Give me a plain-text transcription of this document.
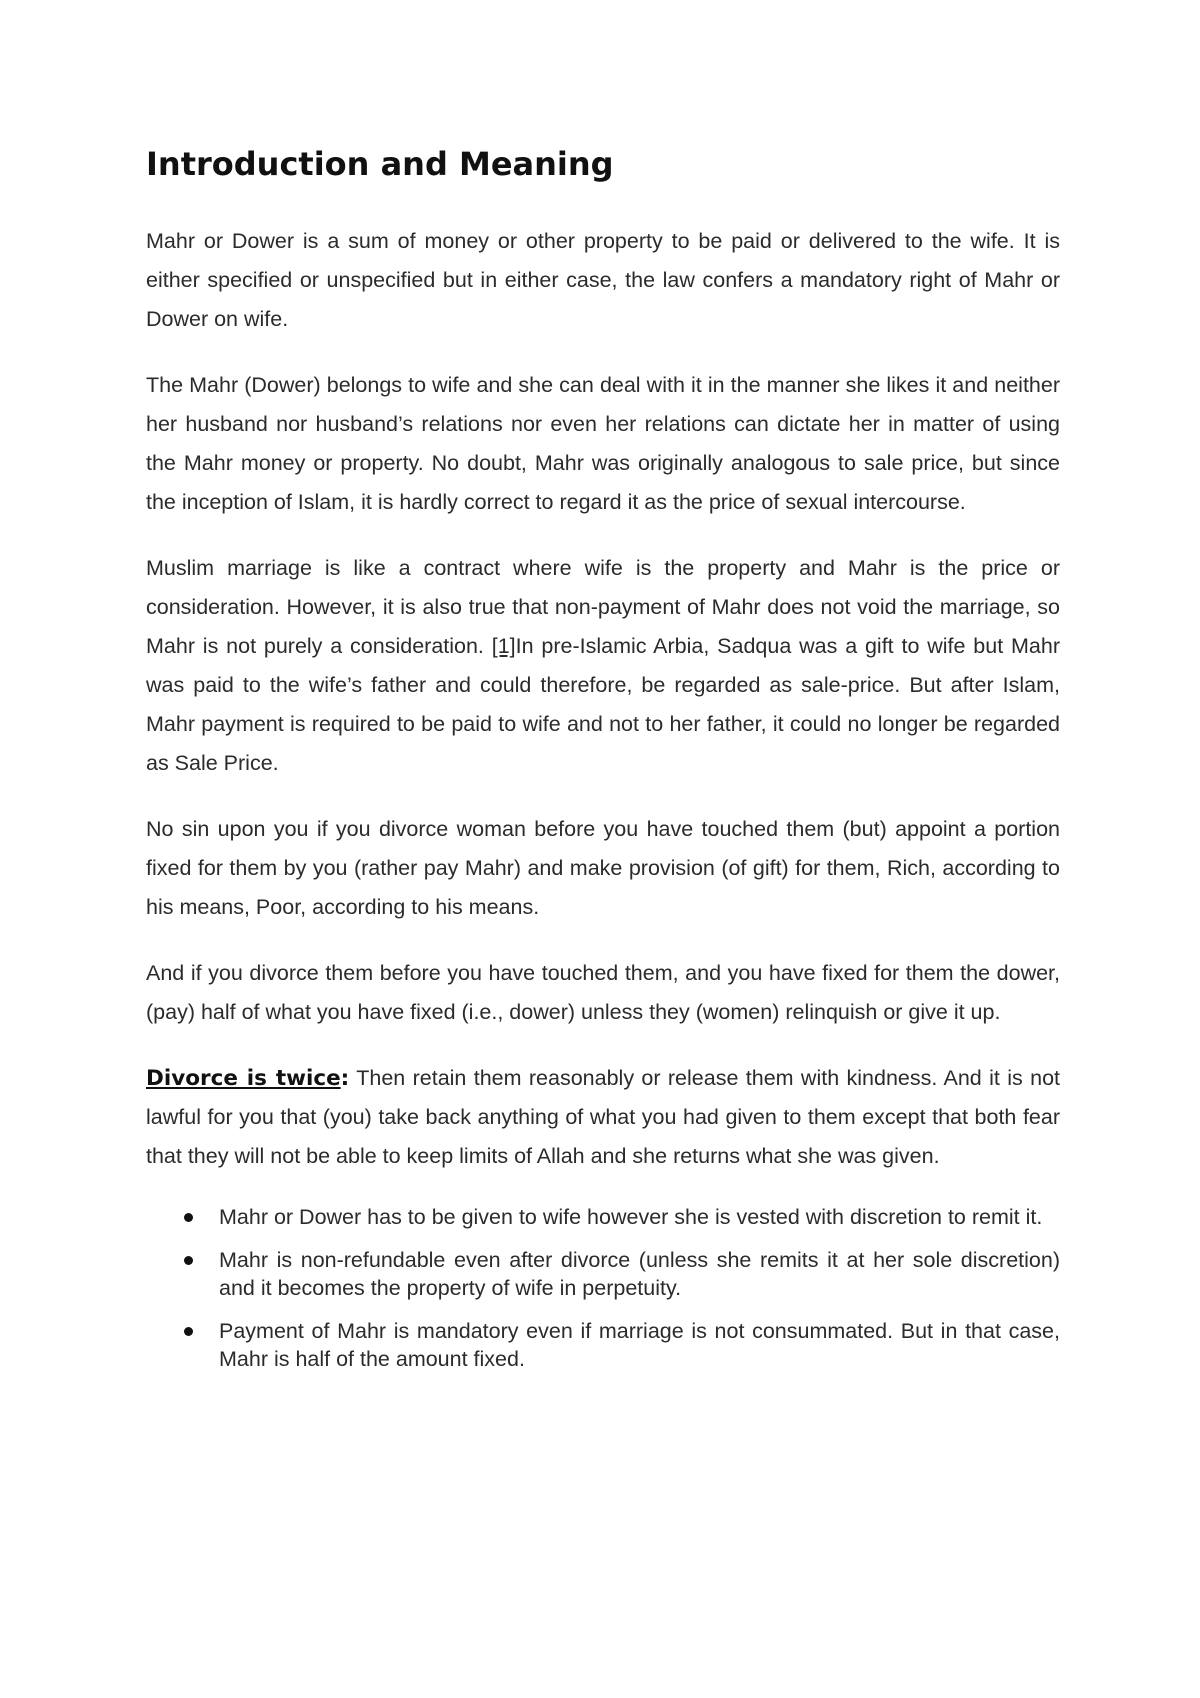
Introduction and Meaning

Mahr or Dower is a sum of money or other property to be paid or delivered to the wife. It is either specified or unspecified but in either case, the law confers a mandatory right of Mahr or Dower on wife.

The Mahr (Dower) belongs to wife and she can deal with it in the manner she likes it and neither her husband nor husband’s relations nor even her relations can dictate her in matter of using the Mahr money or property. No doubt, Mahr was originally analogous to sale price, but since the inception of Islam, it is hardly correct to regard it as the price of sexual intercourse.

Muslim marriage is like a contract where wife is the property and Mahr is the price or consideration. However, it is also true that non-payment of Mahr does not void the marriage, so Mahr is not purely a consideration. [1]In pre-Islamic Arbia, Sadqua was a gift to wife but Mahr was paid to the wife’s father and could therefore, be regarded as sale-price. But after Islam, Mahr payment is required to be paid to wife and not to her father, it could no longer be regarded as Sale Price.

No sin upon you if you divorce woman before you have touched them (but) appoint a portion fixed for them by you (rather pay Mahr) and make provision (of gift) for them, Rich, according to his means, Poor, according to his means.

And if you divorce them before you have touched them, and you have fixed for them the dower, (pay) half of what you have fixed (i.e., dower) unless they (women) relinquish or give it up.

Divorce is twice: Then retain them reasonably or release them with kindness. And it is not lawful for you that (you) take back anything of what you had given to them except that both fear that they will not be able to keep limits of Allah and she returns what she was given.

Mahr or Dower has to be given to wife however she is vested with discretion to remit it.
Mahr is non-refundable even after divorce (unless she remits it at her sole discretion) and it becomes the property of wife in perpetuity.
Payment of Mahr is mandatory even if marriage is not consummated. But in that case, Mahr is half of the amount fixed.
